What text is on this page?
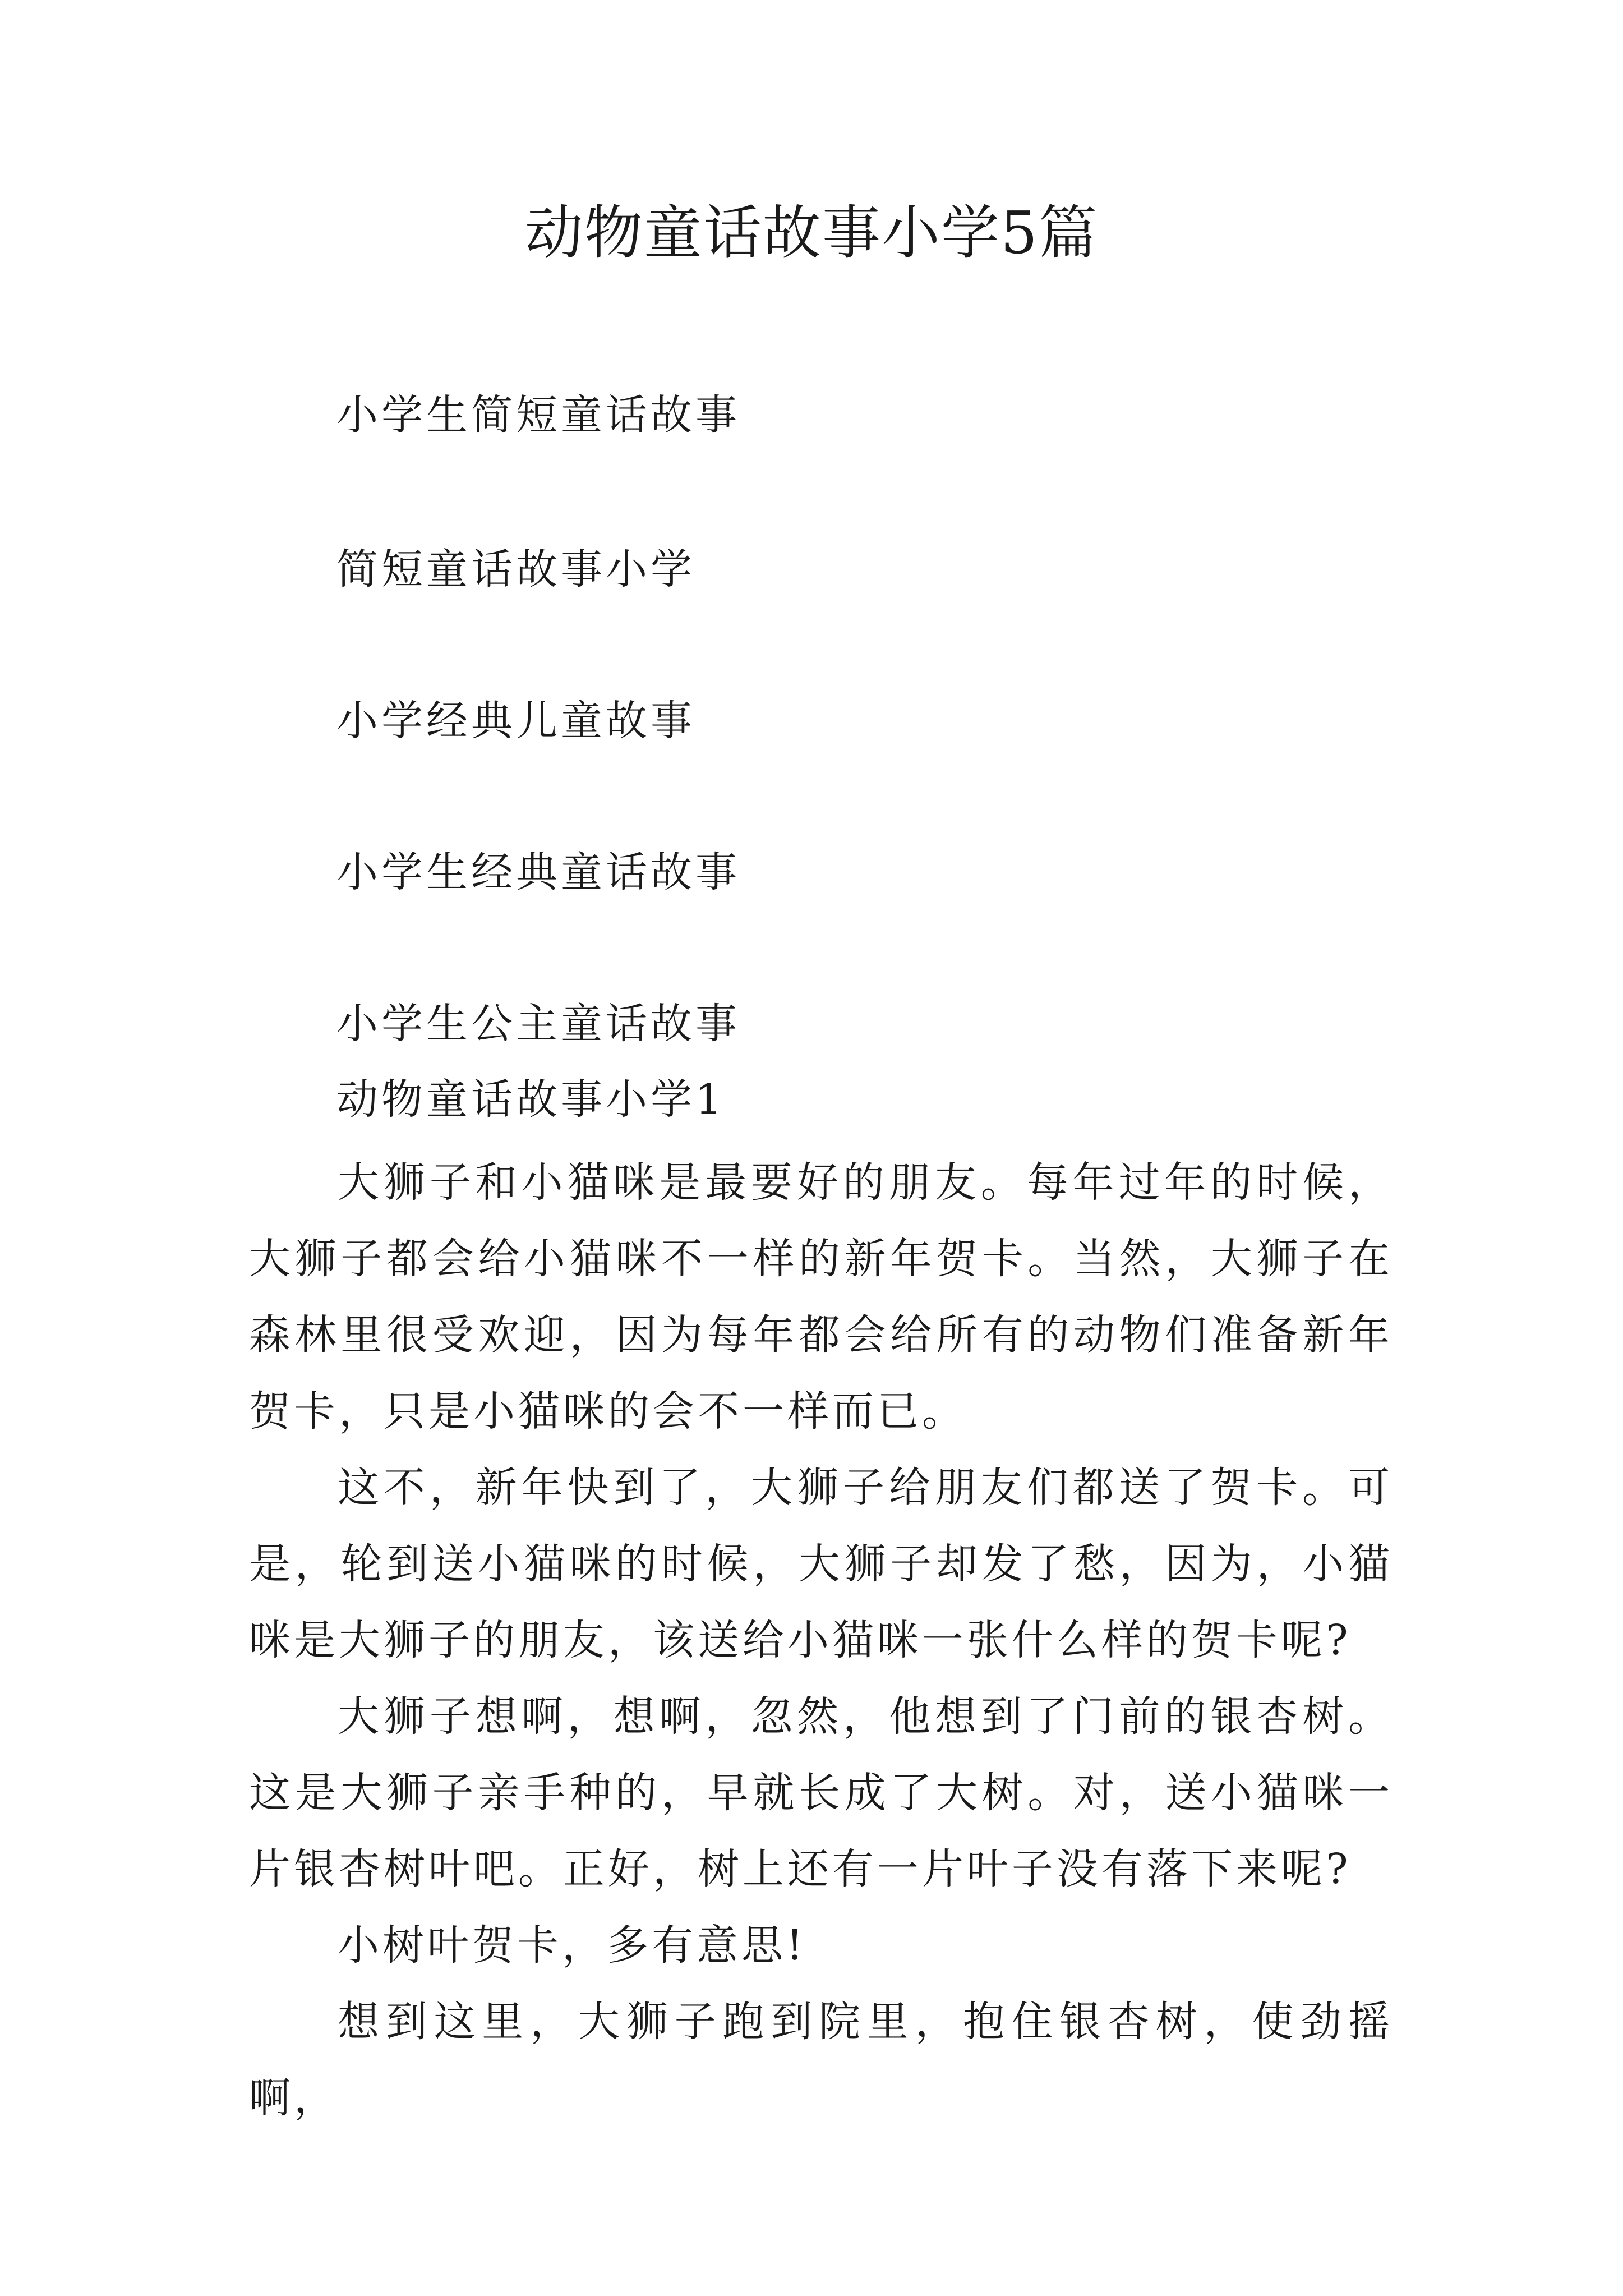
动物童话故事小学5篇

小学生简短童话故事

简短童话故事小学

小学经典儿童故事

小学生经典童话故事

小学生公主童话故事

动物童话故事小学1

大狮子和小猫咪是最要好的朋友。每年过年的时候，大狮子都会给小猫咪不一样的新年贺卡。当然，大狮子在森林里很受欢迎，因为每年都会给所有的动物们准备新年贺卡，只是小猫咪的会不一样而已。

这不，新年快到了，大狮子给朋友们都送了贺卡。可是，轮到送小猫咪的时候，大狮子却发了愁，因为，小猫咪是大狮子的朋友，该送给小猫咪一张什么样的贺卡呢?

大狮子想啊，想啊，忽然，他想到了门前的银杏树。这是大狮子亲手种的，早就长成了大树。对，送小猫咪一片银杏树叶吧。正好，树上还有一片叶子没有落下来呢?

小树叶贺卡，多有意思!

想到这里，大狮子跑到院里，抱住银杏树，使劲摇啊，
